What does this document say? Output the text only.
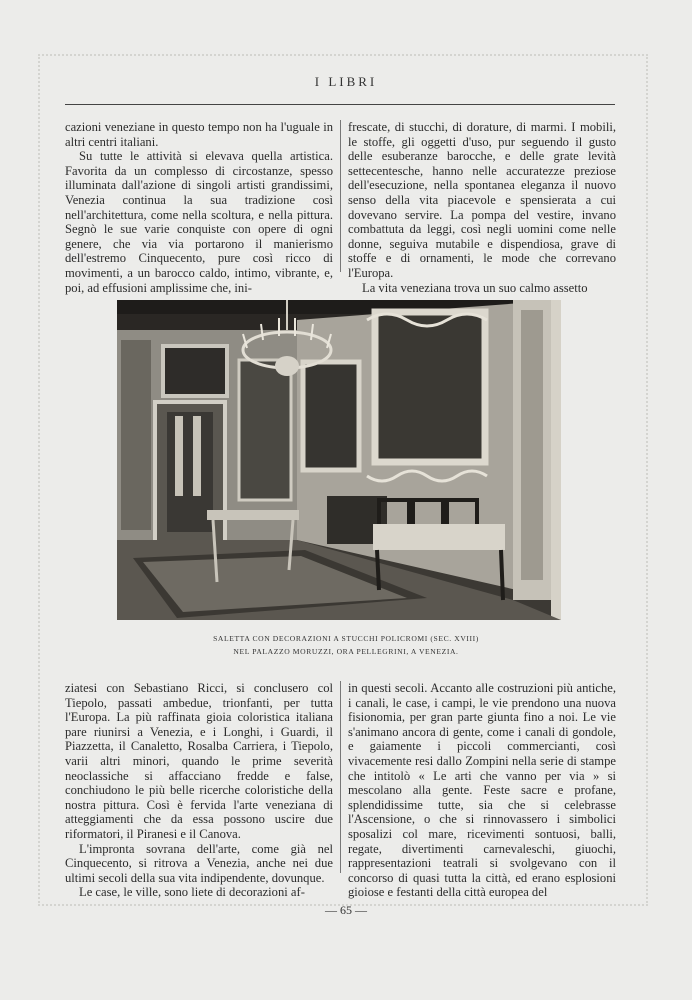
I LIBRI

cazioni veneziane in questo tempo non ha l'uguale in altri centri italiani.

Su tutte le attività si elevava quella artistica. Favorita da un complesso di circostanze, spesso illuminata dall'azione di singoli artisti grandissimi, Venezia continua la sua tradizione così nell'architettura, come nella scoltura, e nella pittura. Segnò le sue varie conquiste con opere di ogni genere, che via via portarono il manierismo dell'estremo Cinquecento, pure così ricco di movimenti, a un barocco caldo, intimo, vibrante, e, poi, ad effusioni amplissime che, ini-

frescate, di stucchi, di dorature, di marmi. I mobili, le stoffe, gli oggetti d'uso, pur seguendo il gusto delle esuberanze barocche, e delle grate levità settecentesche, hanno nelle accuratezze preziose dell'esecuzione, nella spontanea eleganza il nuovo senso della vita piacevole e spensierata a cui dovevano servire. La pompa del vestire, invano combattuta da leggi, così negli uomini come nelle donne, seguiva mutabile e dispendiosa, grave di stoffe e di ornamenti, le mode che correvano l'Europa.

La vita veneziana trova un suo calmo assetto

SALETTA CON DECORAZIONI A STUCCHI POLICROMI (SEC. XVIII)
NEL PALAZZO MORUZZI, ORA PELLEGRINI, A VENEZIA.

ziatesi con Sebastiano Ricci, si conclusero col Tiepolo, passati ambedue, trionfanti, per tutta l'Europa. La più raffinata gioia coloristica italiana pare riunirsi a Venezia, e i Longhi, i Guardi, il Piazzetta, il Canaletto, Rosalba Carriera, i Tiepolo, varii altri minori, quando le prime severità neoclassiche si affacciano fredde e false, conchiudono le più belle ricerche coloristiche della nostra pittura. Così è fervida l'arte veneziana di atteggiamenti che da essa possono uscire due riformatori, il Piranesi e il Canova.

L'impronta sovrana dell'arte, come già nel Cinquecento, si ritrova a Venezia, anche nei due ultimi secoli della sua vita indipendente, dovunque.

Le case, le ville, sono liete di decorazioni af-

in questi secoli. Accanto alle costruzioni più antiche, i canali, le case, i campi, le vie prendono una nuova fisionomia, per gran parte giunta fino a noi. Le vie s'animano ancora di gente, come i canali di gondole, e gaiamente i piccoli commercianti, così vivacemente resi dallo Zompini nella serie di stampe che intitolò « Le arti che vanno per via » si mescolano alla gente. Feste sacre e profane, splendidissime tutte, sia che si celebrasse l'Ascensione, o che si rinnovassero i simbolici sposalizi col mare, ricevimenti sontuosi, balli, regate, divertimenti carnevaleschi, giuochi, rappresentazioni teatrali si svolgevano con il concorso di quasi tutta la città, ed erano esplosioni gioiose e festanti della città europea del

— 65 —
